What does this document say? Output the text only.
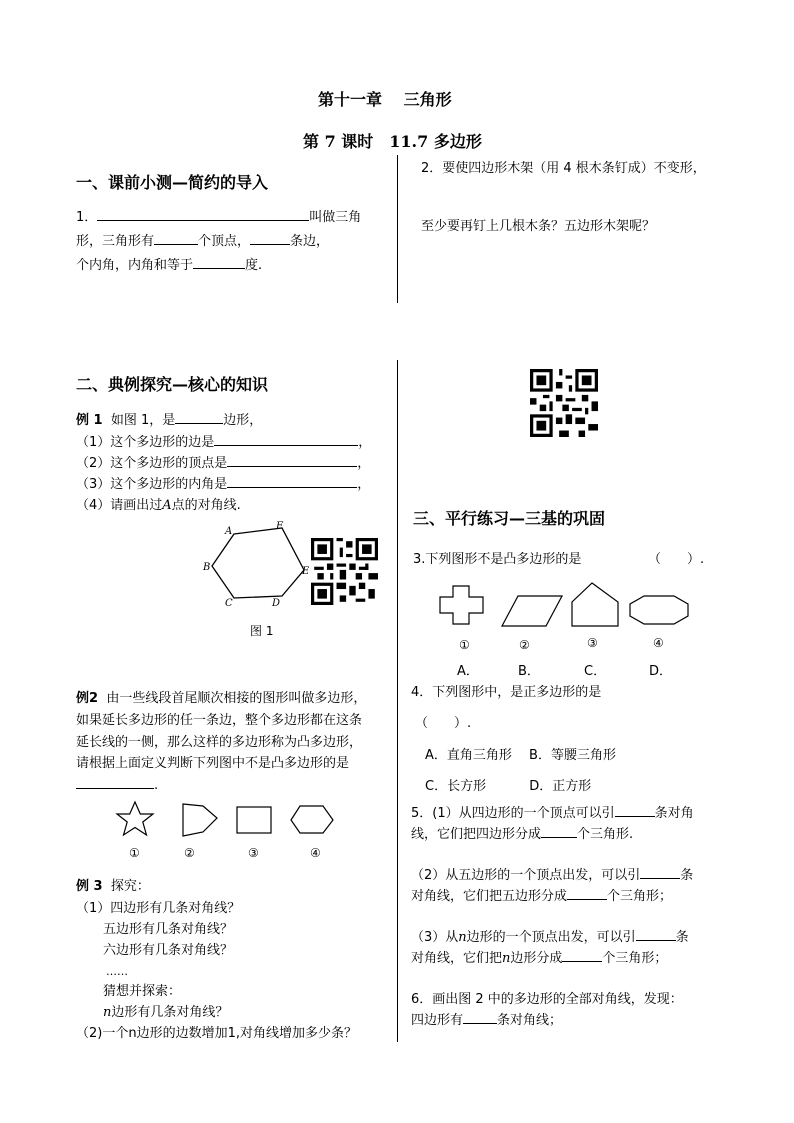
第十一章　 三角形
第 7 课时　11.7 多边形
一、课前小测—简约的导入
1．	叫做三角
形，三角形有	个顶点，	条边，
个内角，内角和等于	度.
2．要使四边形木架（用 4 根木条钉成）不变形，
至少要再钉上几根木条？五边形木架呢？
二、典例探究—核心的知识
例 1 如图 1，是	边形，
（1）这个多边形的边是	，
（2）这个多边形的顶点是	，
（3）这个多边形的内角是	，
（4）请画出过A点的对角线.
A
B
C	D
E
F
图 1
例2 由一些线段首尾顺次相接的图形叫做多边形，
如果延长多边形的任一条边，整个多边形都在这条
延长线的一侧，那么这样的多边形称为凸多边形，
请根据上面定义判断下列图中不是凸多边形的是
.
①	②	③	④
例 3 探究：
（1）四边形有几条对角线？
五边形有几条对角线？
六边形有几条对角线？
……
猜想并探索：
n边形有几条对角线？
（2)一个n边形的边数增加1,对角线增加多少条？
三、平行练习—三基的巩固
3.下列图形不是凸多边形的是	（　　）.
①	②	③	④
A．	B．	C．	D．
4．下列图形中，是正多边形的是
（　　）.
A．直角三角形　 B．等腰三角形
C．长方形　　　 D．正方形
5．(1）从四边形的一个顶点可以引	条对角
线，它们把四边形分成	个三角形.
（2）从五边形的一个顶点出发，可以引	条
对角线，它们把五边形分成	个三角形；
（3）从n边形的一个顶点出发，可以引	条
对角线，它们把n边形分成	个三角形；
6．画出图 2 中的多边形的全部对角线，发现：
四边形有	条对角线；
